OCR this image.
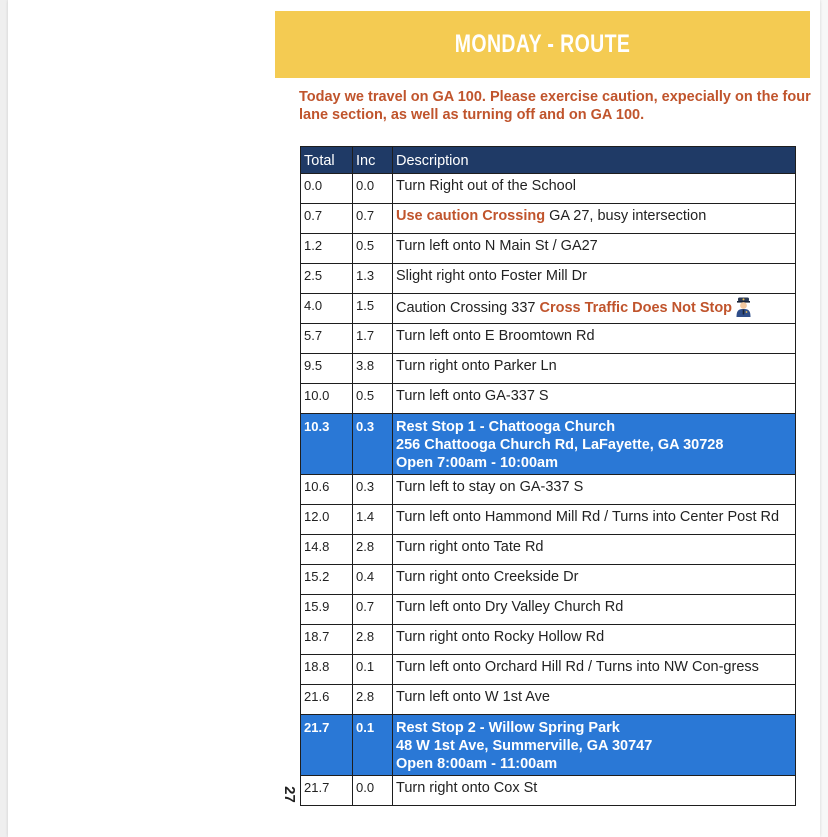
MONDAY - ROUTE
Today we travel on GA 100. Please exercise caution, expecially on the four lane section, as well as turning off and on GA 100.
Total	Inc	Description
0.0	0.0	Turn Right out of the School
0.7	0.7	Use caution Crossing GA 27, busy intersection
1.2	0.5	Turn left onto N Main St / GA27
2.5	1.3	Slight right onto Foster Mill Dr
4.0	1.5	Caution Crossing 337 Cross Traffic Does Not Stop
5.7	1.7	Turn left onto E Broomtown Rd
9.5	3.8	Turn right onto Parker Ln
10.0	0.5	Turn left onto GA-337 S
10.3	0.3	Rest Stop 1 - Chattooga Church
256 Chattooga Church Rd, LaFayette, GA 30728
Open 7:00am - 10:00am

10.6	0.3	Turn left to stay on GA-337 S
12.0	1.4	Turn left onto Hammond Mill Rd / Turns into Center Post Rd
14.8	2.8	Turn right onto Tate Rd
15.2	0.4	Turn right onto Creekside Dr
15.9	0.7	Turn left onto Dry Valley Church Rd
18.7	2.8	Turn right onto Rocky Hollow Rd
18.8	0.1	Turn left onto Orchard Hill Rd / Turns into NW Con-gress
21.6	2.8	Turn left onto W 1st Ave
21.7	0.1	Rest Stop 2 - Willow Spring Park
48 W 1st Ave, Summerville, GA 30747
Open 8:00am - 11:00am

21.7	0.0	Turn right onto Cox St
27
